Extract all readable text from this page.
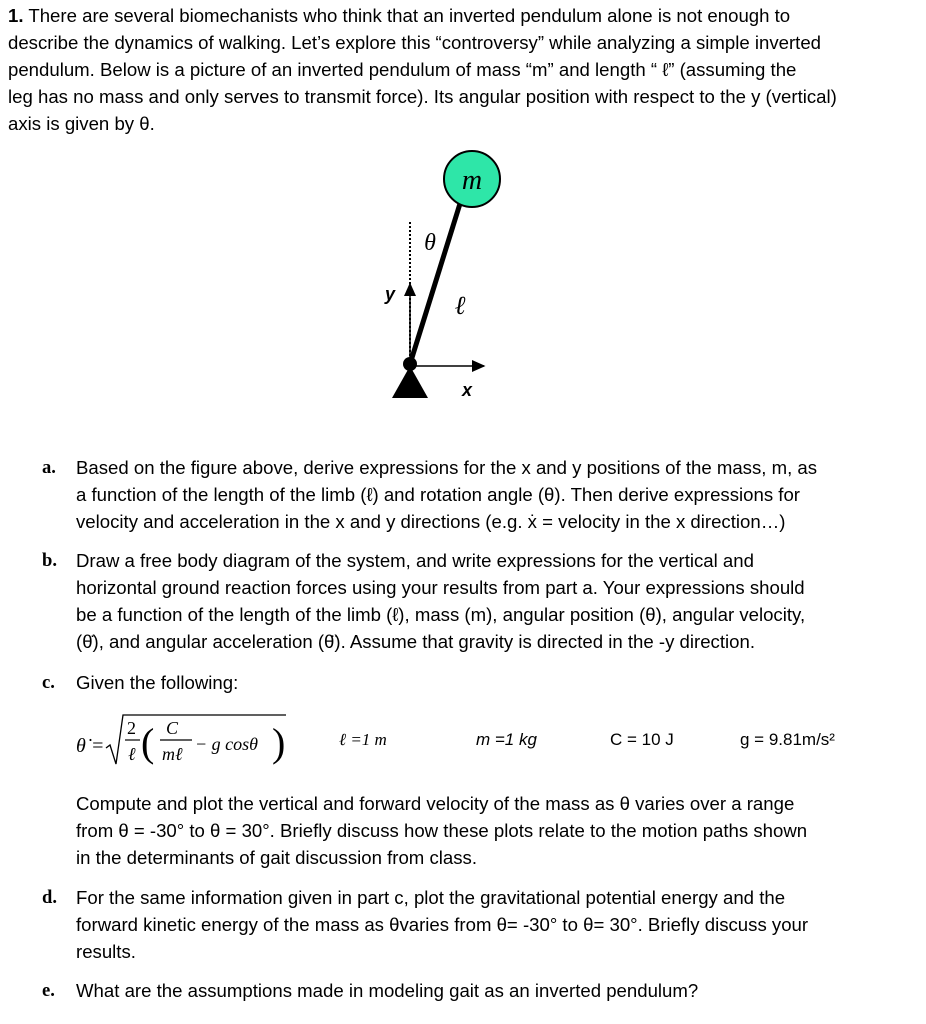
1. There are several biomechanists who think that an inverted pendulum alone is not enough to
describe the dynamics of walking. Let’s explore this “controversy” while analyzing a simple inverted
pendulum. Below is a picture of an inverted pendulum of mass “m” and length “ ℓ” (assuming the
leg has no mass and only serves to transmit force). Its angular position with respect to the y (vertical)
axis is given by θ.
m
θ
ℓ
y
x
a. Based on the figure above, derive expressions for the x and y positions of the mass, m, as
a function of the length of the limb (ℓ) and rotation angle (θ). Then derive expressions for
velocity and acceleration in the x and y directions (e.g. ẋ = velocity in the x direction…)
b. Draw a free body diagram of the system, and write expressions for the vertical and
horizontal ground reaction forces using your results from part a. Your expressions should
be a function of the length of the limb (ℓ), mass (m), angular position (θ), angular velocity,
(θ̇), and angular acceleration (θ̈). Assume that gravity is directed in the -y direction.
c. Given the following:
θ̇ =
2
ℓ ( C
mℓ − g cosθ )	ℓ =1 m	m =1 kg	C = 10 J	g = 9.81m/s²
Compute and plot the vertical and forward velocity of the mass as θ varies over a range
from θ = -30° to θ = 30°. Briefly discuss how these plots relate to the motion paths shown
in the determinants of gait discussion from class.
d. For the same information given in part c, plot the gravitational potential energy and the
forward kinetic energy of the mass as θvaries from θ= -30° to θ= 30°. Briefly discuss your
results.
e. What are the assumptions made in modeling gait as an inverted pendulum?
